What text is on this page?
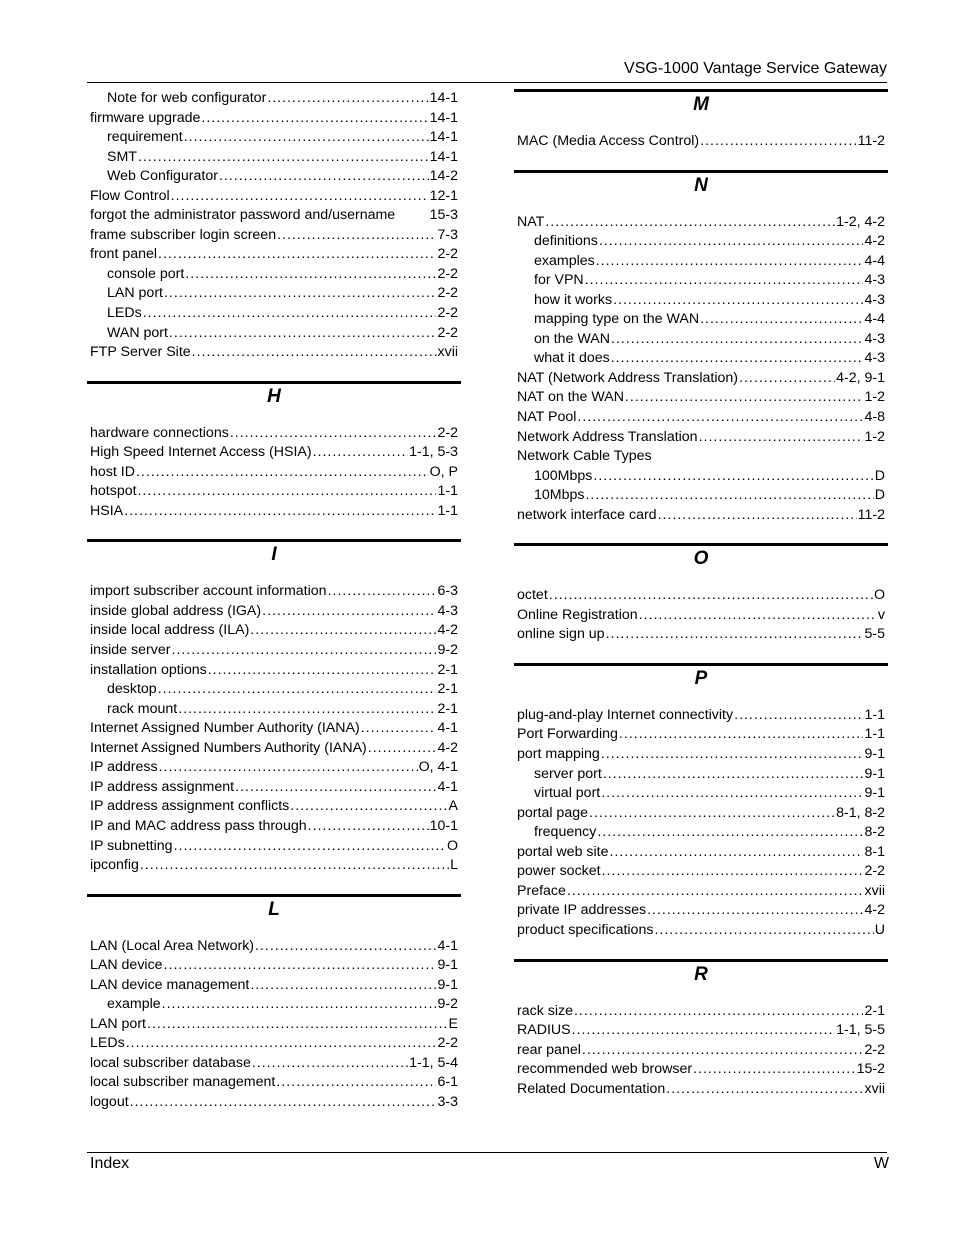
VSG-1000 Vantage Service Gateway
Note for web configurator .....	14-1
firmware upgrade .....	14-1
requirement .....	14-1
SMT .....	14-1
Web Configurator .....	14-2
Flow Control .....	12-1
forgot the administrator password and/username 15-3
frame subscriber login screen .....	7-3
front panel .....	2-2
console port .....	2-2
LAN port .....	2-2
LEDs .....	2-2
WAN port .....	2-2
FTP Server Site .....	xvii
H
hardware connections .....	2-2
High Speed Internet Access (HSIA) .....	1-1, 5-3
host ID .....	O, P
hotspot .....	1-1
HSIA .....	1-1
I
import subscriber account information .....	6-3
inside global address (IGA) .....	4-3
inside local address (ILA) .....	4-2
inside server .....	9-2
installation options .....	2-1
desktop .....	2-1
rack mount .....	2-1
Internet Assigned Number Authority (IANA) .....	4-1
Internet Assigned Numbers Authority (IANA) .....	4-2
IP address .....	O, 4-1
IP address assignment .....	4-1
IP address assignment conflicts .....	A
IP and MAC address pass through .....	10-1
IP subnetting .....	O
ipconfig .....	L
L
LAN (Local Area Network) .....	4-1
LAN device .....	9-1
LAN device management .....	9-1
example .....	9-2
LAN port .....	E
LEDs .....	2-2
local subscriber database .....	1-1, 5-4
local subscriber management .....	6-1
logout .....	3-3
M
MAC (Media Access Control) .....	11-2
N
NAT .....	1-2, 4-2
definitions .....	4-2
examples .....	4-4
for VPN .....	4-3
how it works .....	4-3
mapping type on the WAN .....	4-4
on the WAN .....	4-3
what it does .....	4-3
NAT (Network Address Translation) .....	4-2, 9-1
NAT on the WAN .....	1-2
NAT Pool .....	4-8
Network Address Translation .....	1-2
Network Cable Types
100Mbps .....	D
10Mbps .....	D
network interface card .....	11-2
O
octet .....	O
Online Registration .....	v
online sign up .....	5-5
P
plug-and-play Internet connectivity .....	1-1
Port Forwarding .....	1-1
port mapping .....	9-1
server port .....	9-1
virtual port .....	9-1
portal page .....	8-1, 8-2
frequency .....	8-2
portal web site .....	8-1
power socket .....	2-2
Preface .....	xvii
private IP addresses .....	4-2
product specifications .....	U
R
rack size .....	2-1
RADIUS .....	1-1, 5-5
rear panel .....	2-2
recommended web browser .....	15-2
Related Documentation .....	xvii
Index	W
